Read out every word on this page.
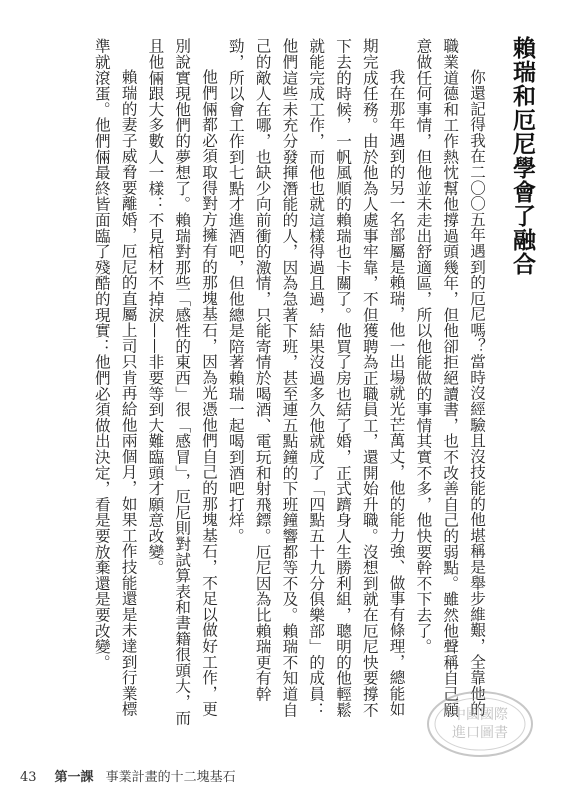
賴瑞和厄尼學會了融合

你還記得我在二〇〇五年遇到的厄尼嗎？當時沒經驗且沒技能的他堪稱是舉步維艱，全靠他的職業道德和工作熱忱幫他撐過頭幾年，但他卻拒絕讀書，也不改善自己的弱點。雖然他聲稱自己願意做任何事情，但他並未走出舒適區，所以他能做的事情其實不多，他快要幹不下去了。

我在那年遇到的另一名部屬是賴瑞，他一出場就光芒萬丈，他的能力強、做事有條理，總能如期完成任務。由於他為人處事牢靠，不但獲聘為正職員工，還開始升職。沒想到就在厄尼快要撐不下去的時候，一帆風順的賴瑞也卡關了。他買了房也結了婚，正式躋身人生勝利組，聰明的他輕鬆就能完成工作，而他也就這樣得過且過，結果沒過多久他就成了「四點五十九分俱樂部」的成員：他們這些未充分發揮潛能的人，因為急著下班，甚至連五點鐘的下班鐘響都等不及。賴瑞不知道自己的敵人在哪，也缺少向前衝的激情，只能寄情於喝酒、電玩和射飛鏢。厄尼因為比賴瑞更有幹勁，所以會工作到七點才進酒吧，但他總是陪著賴瑞一起喝到酒吧打烊。

他們倆都必須取得對方擁有的那塊基石，因為光憑他們自己的那塊基石，不足以做好工作，更別說實現他們的夢想了。賴瑞對那些「感性的東西」很「感冒」，厄尼則對試算表和書籍很頭大，而且他倆跟大多數人一樣：不見棺材不掉淚——非要等到大難臨頭才願意改變。

賴瑞的妻子威脅要離婚，厄尼的直屬上司只肯再給他兩個月，如果工作技能還是未達到行業標準就滾蛋。他們倆最終皆面臨了殘酷的現實：他們必須做出決定，看是要放棄還是要改變。

中國國際
進口圖書
43 第一課 事業計畫的十二塊基石
